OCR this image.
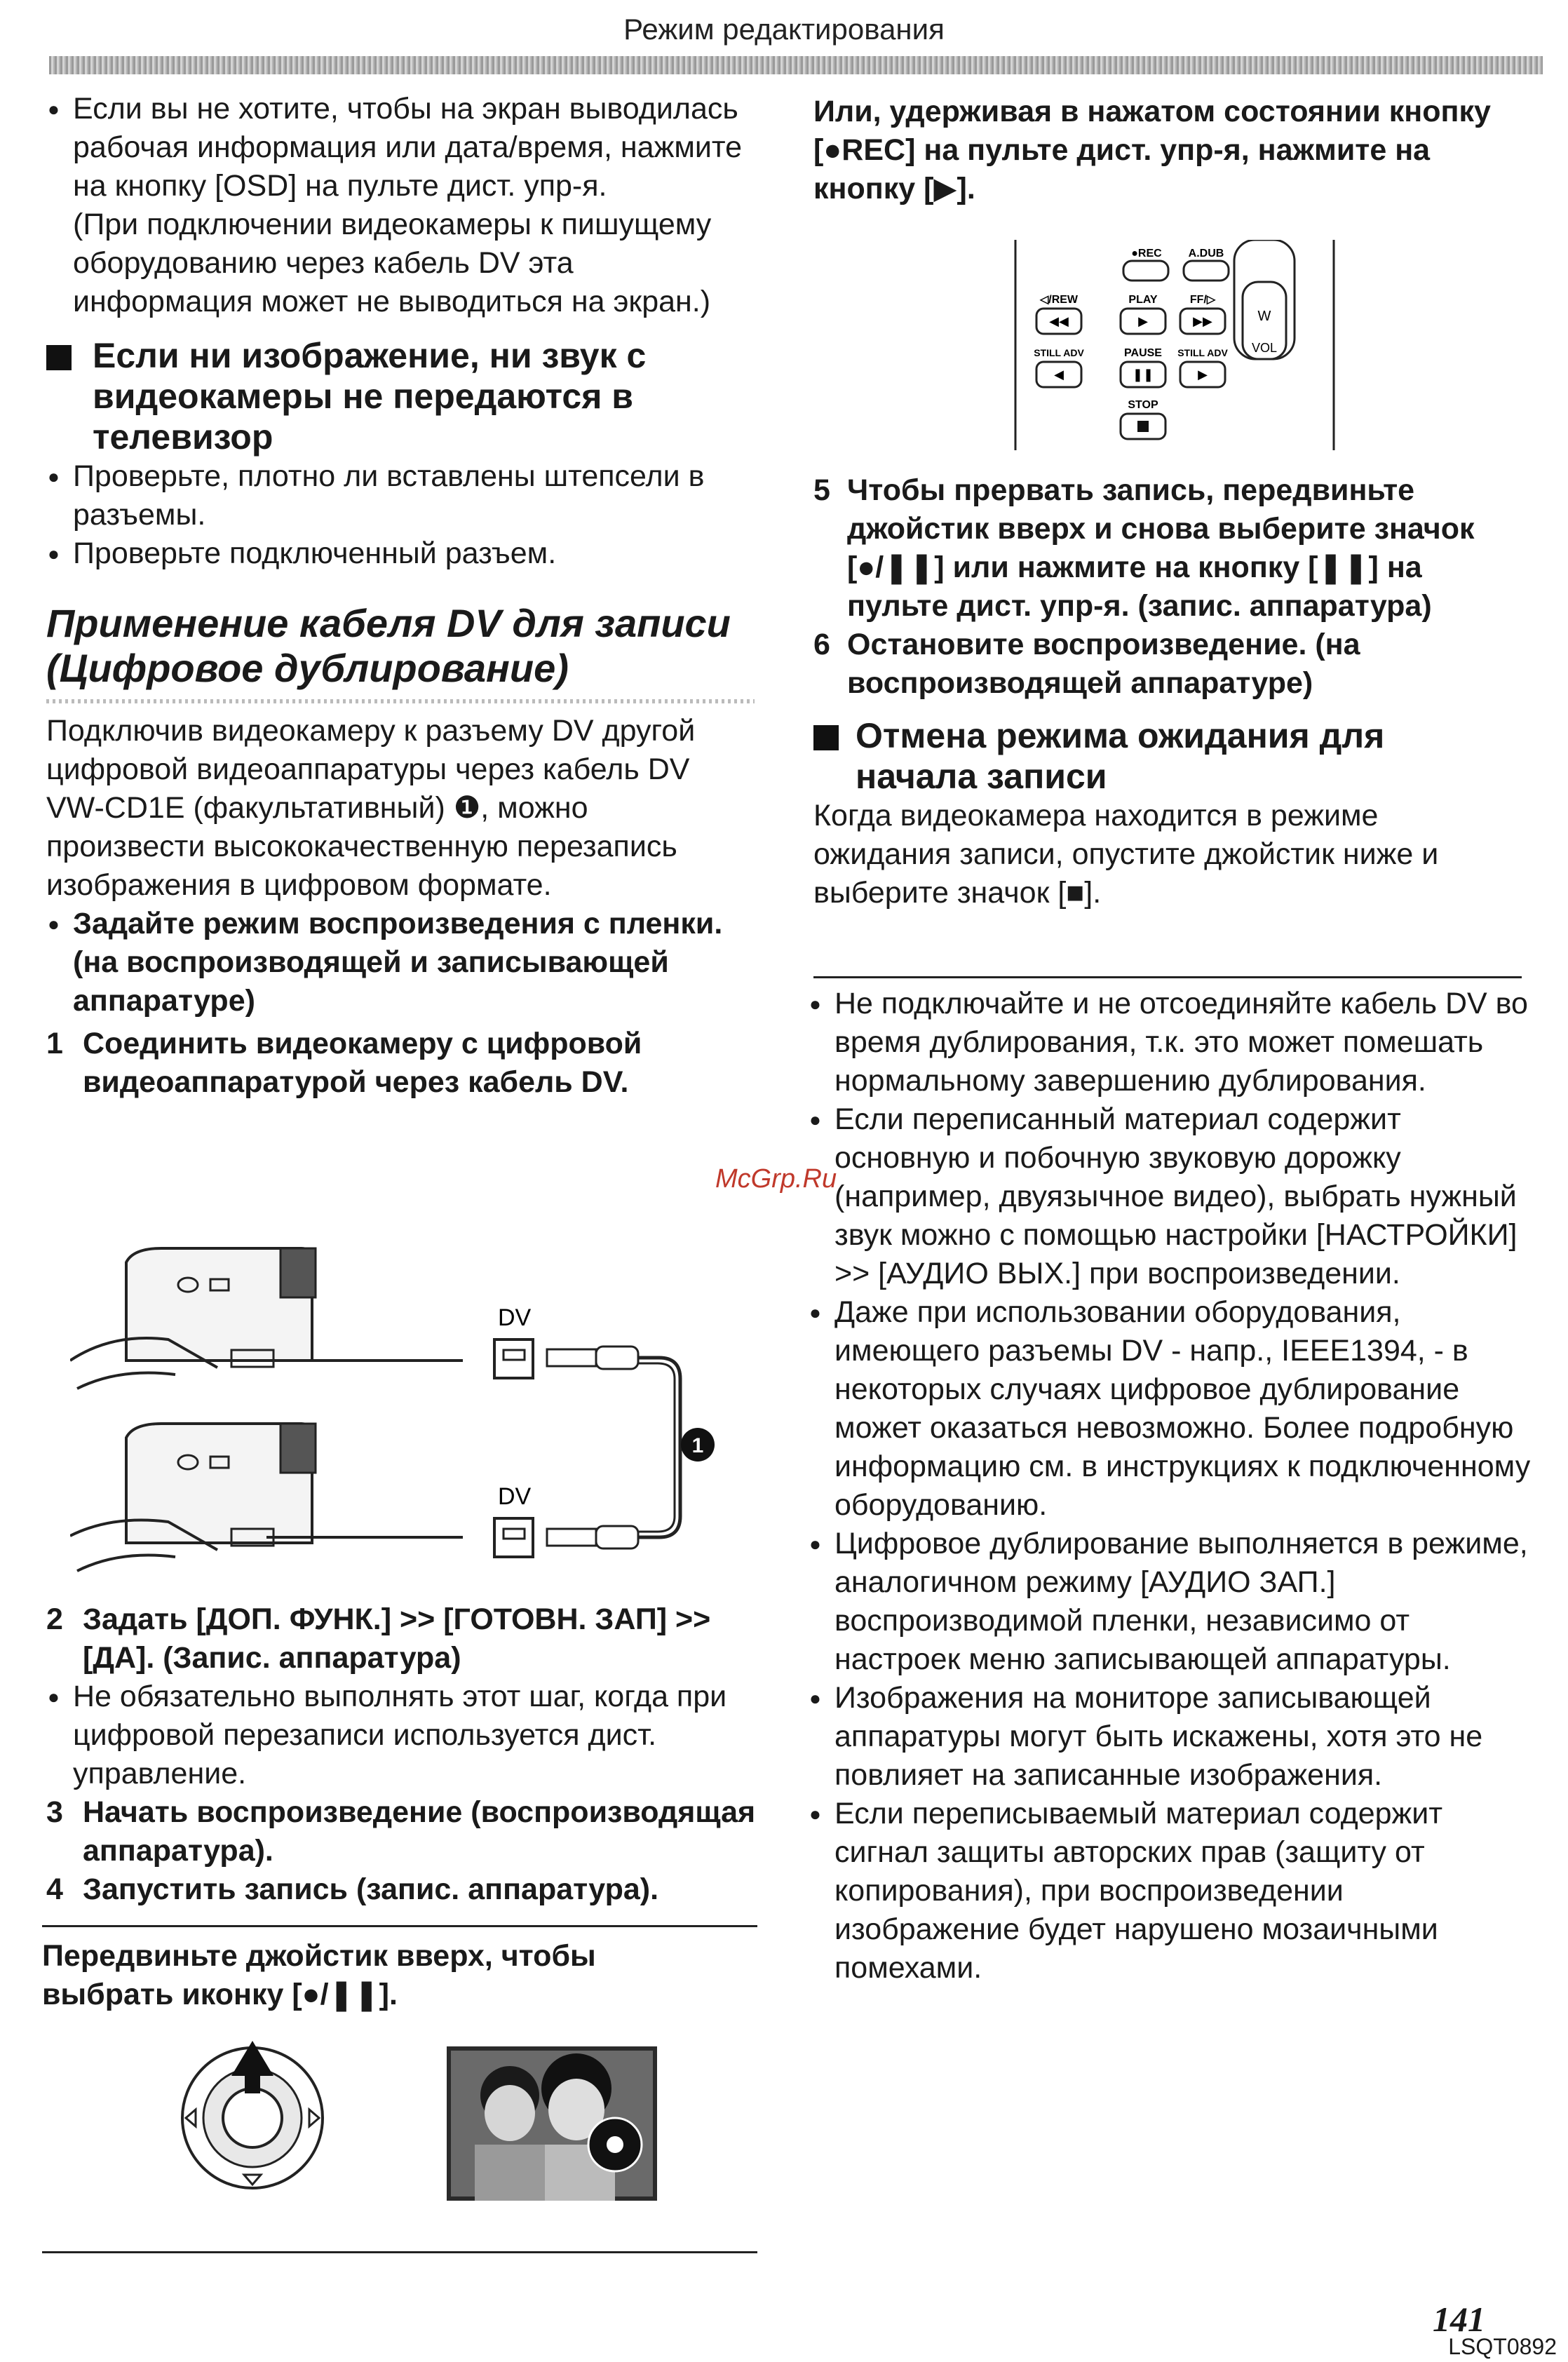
Режим редактирования

● Если вы не хотите, чтобы на экран выводилась рабочая информация или дата/время, нажмите на кнопку [OSD] на пульте дист. упр-я.

(При подключении видеокамеры к пишущему оборудованию через кабель DV эта информация может не выводиться на экран.)

Если ни изображение, ни звук с видеокамеры не передаются в телевизор

● Проверьте, плотно ли вставлены штепсели в разъемы.

● Проверьте подключенный разъем.

Применение кабеля DV для записи (Цифровое дублирование)

Подключив видеокамеру к разъему DV другой цифровой видеоаппаратуры через кабель DV VW-CD1E (факультативный) ❶, можно произвести высококачественную перезапись изображения в цифровом формате.

● Задайте режим воспроизведения с пленки. (на воспроизводящей и записывающей аппаратуре)

1 Соединить видеокамеру с цифровой видеоаппаратурой через кабель DV.

DV
DV
1

2 Задать [ДОП. ФУНК.] >> [ГОТОВН. ЗАП] >> [ДА]. (Запис. аппаратура)

● Не обязательно выполнять этот шаг, когда при цифровой перезаписи используется дист. управление.

3 Начать воспроизведение (воспроизводящая аппаратура).

4 Запустить запись (запис. аппаратура).

Передвиньте джойстик вверх, чтобы выбрать иконку [●/❚❚].

Или, удерживая в нажатом состоянии кнопку [●REC] на пульте дист. упр-я, нажмите на кнопку [▶].

W
VOL
●REC A.DUB
◁/REW
◀◀
PLAY
▶
FF/▷
▶▶
STILL ADV
◀
PAUSE
❚❚
STILL ADV
▶
STOP

5 Чтобы прервать запись, передвиньте джойстик вверх и снова выберите значок [●/❚❚] или нажмите на кнопку [❚❚] на пульте дист. упр-я. (запис. аппаратура)

6 Остановите воспроизведение. (на воспроизводящей аппаратуре)

Отмена режима ожидания для начала записи

Когда видеокамера находится в режиме ожидания записи, опустите джойстик ниже и выберите значок [■].

● Не подключайте и не отсоединяйте кабель DV во время дублирования, т.к. это может помешать нормальному завершению дублирования.

● Если переписанный материал содержит основную и побочную звуковую дорожку (например, двуязычное видео), выбрать нужный звук можно с помощью настройки [НАСТРОЙКИ] >> [АУДИО ВЫХ.] при воспроизведении.

● Даже при использовании оборудования, имеющего разъемы DV - напр., IEEE1394, - в некоторых случаях цифровое дублирование может оказаться невозможно. Более подробную информацию см. в инструкциях к подключенному оборудованию.

● Цифровое дублирование выполняется в режиме, аналогичном режиму [АУДИО ЗАП.] воспроизводимой пленки, независимо от настроек меню записывающей аппаратуры.

● Изображения на мониторе записывающей аппаратуры могут быть искажены, хотя это не повлияет на записанные изображения.

● Если переписываемый материал содержит сигнал защиты авторских прав (защиту от копирования), при воспроизведении изображение будет нарушено мозаичными помехами.

McGrp.Ru
141
LSQT0892
